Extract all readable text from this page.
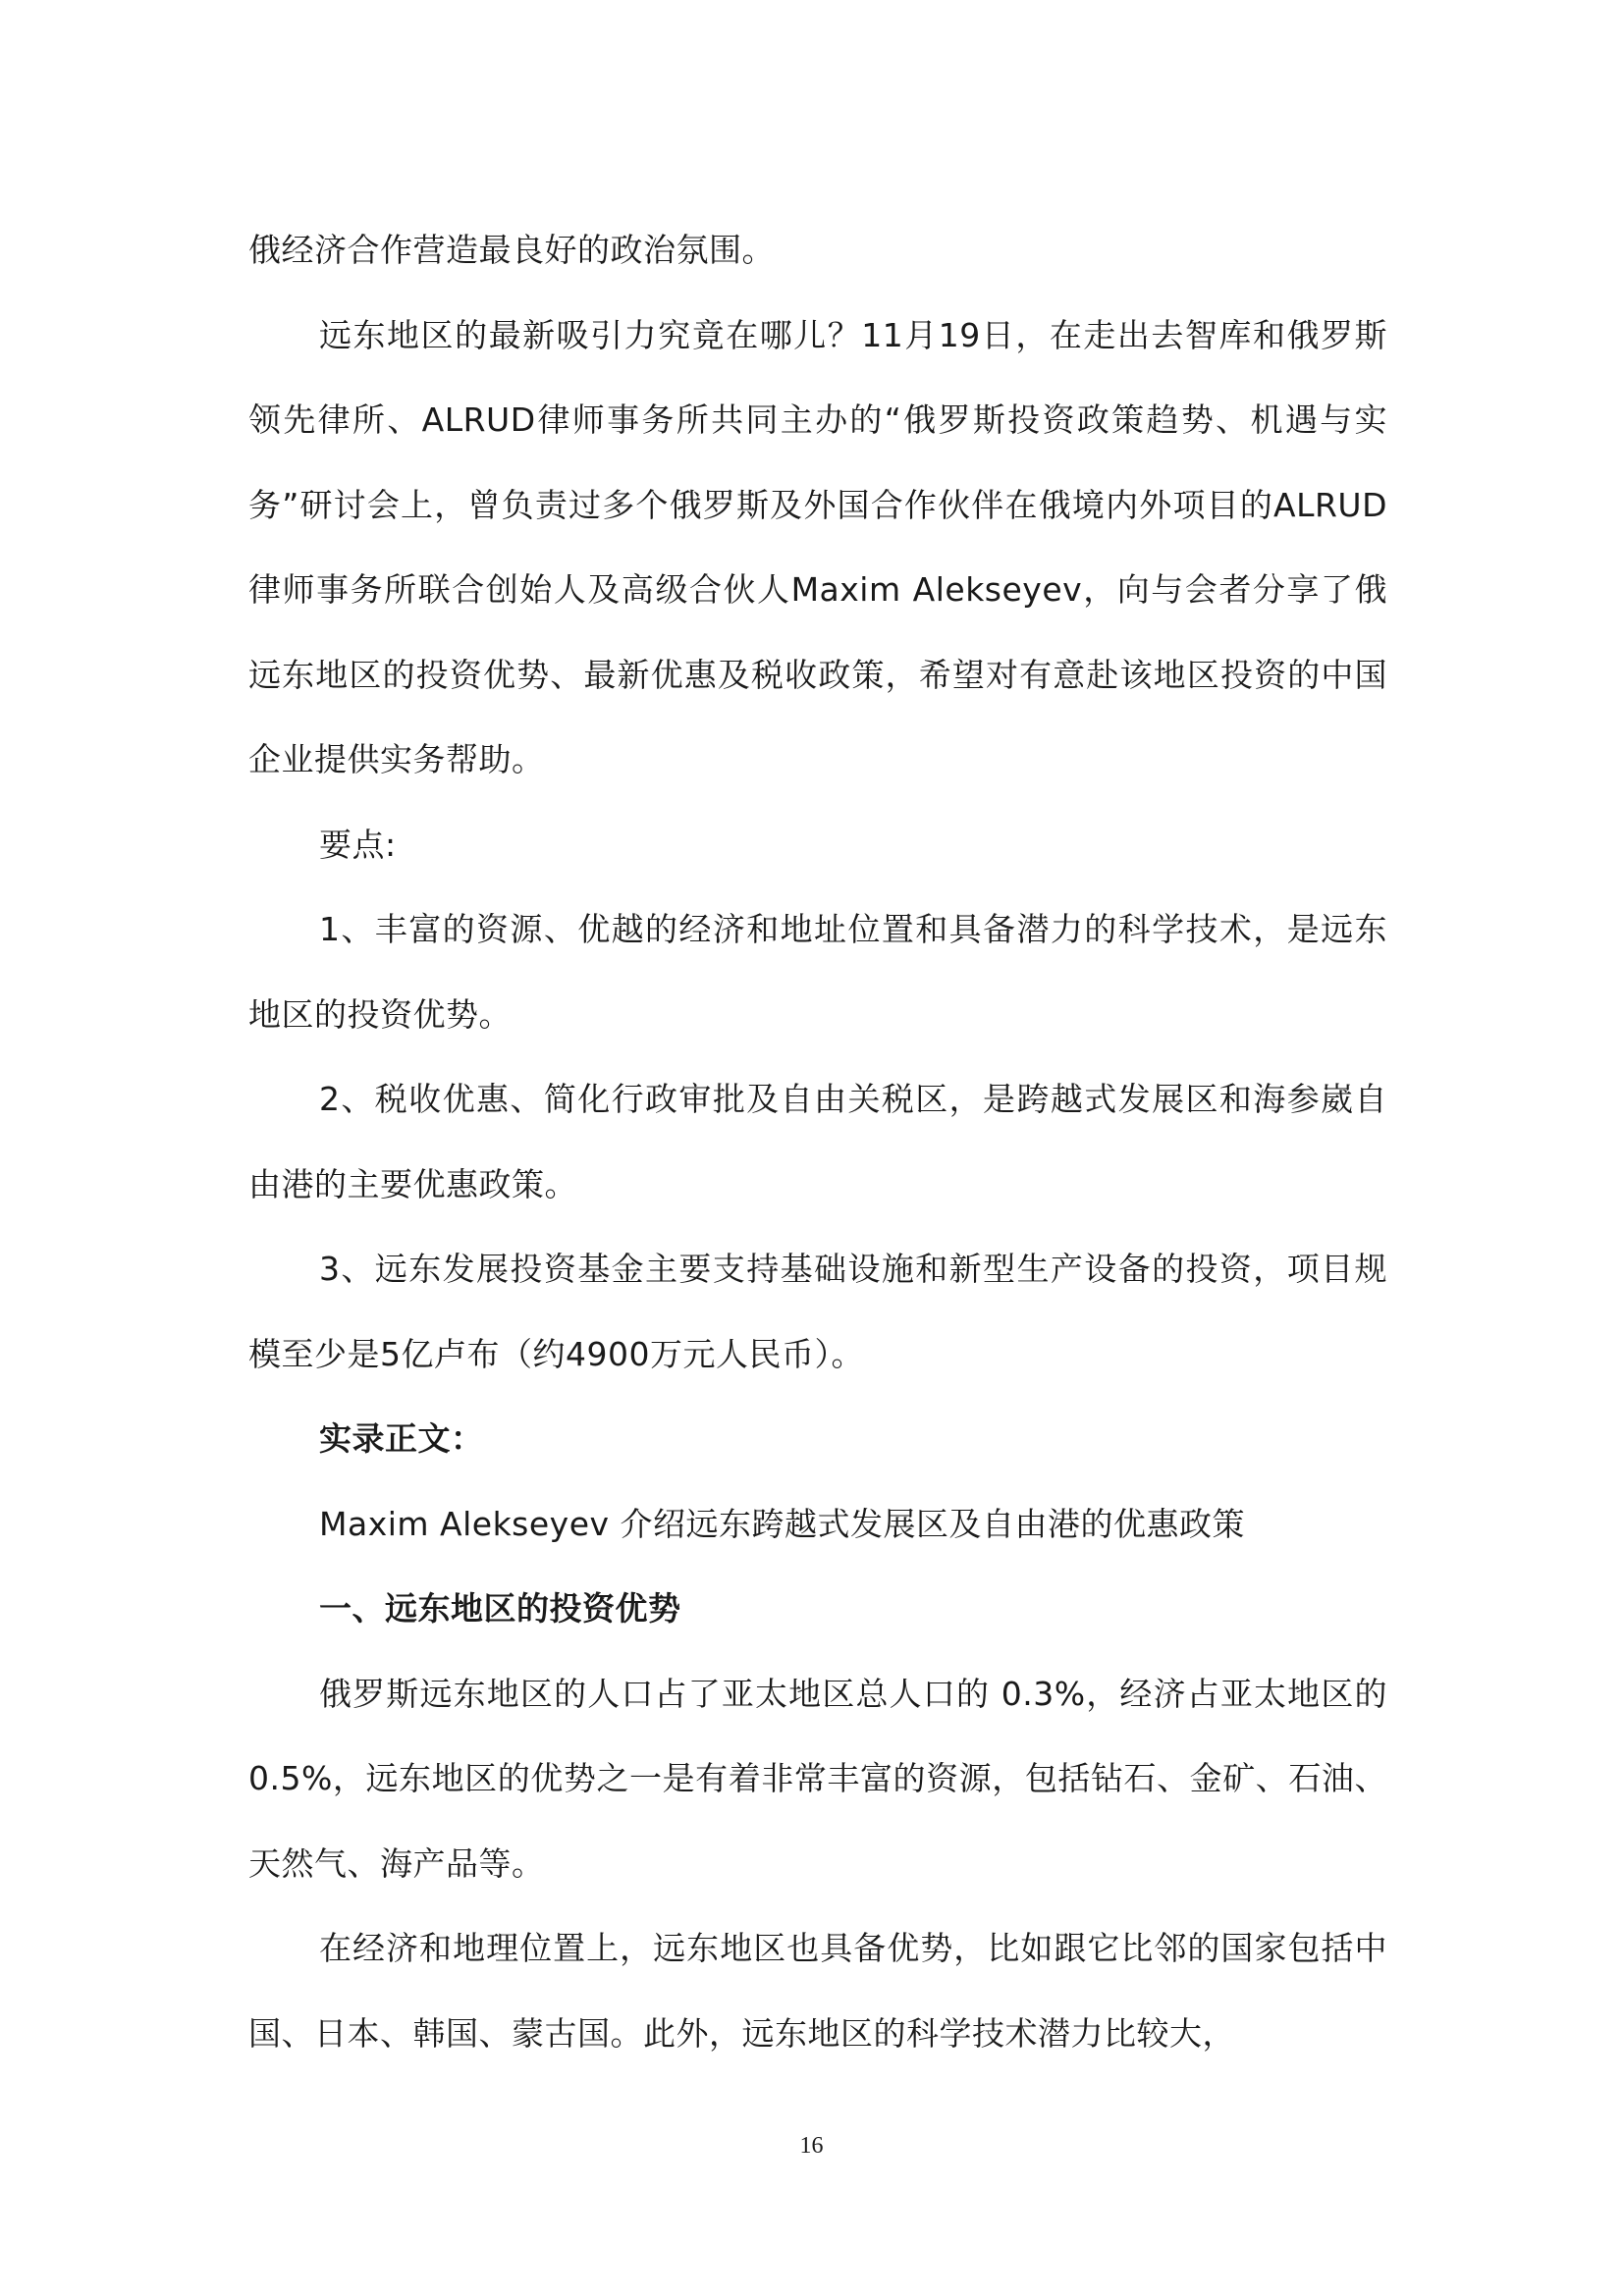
俄经济合作营造最良好的政治氛围。

远东地区的最新吸引力究竟在哪儿？11月19日，在走出去智库和俄罗斯领先律所、ALRUD律师事务所共同主办的“俄罗斯投资政策趋势、机遇与实务”研讨会上，曾负责过多个俄罗斯及外国合作伙伴在俄境内外项目的ALRUD律师事务所联合创始人及高级合伙人Maxim Alekseyev，向与会者分享了俄远东地区的投资优势、最新优惠及税收政策，希望对有意赴该地区投资的中国企业提供实务帮助。

要点:

1、丰富的资源、优越的经济和地址位置和具备潜力的科学技术，是远东地区的投资优势。

2、税收优惠、简化行政审批及自由关税区，是跨越式发展区和海参崴自由港的主要优惠政策。

3、远东发展投资基金主要支持基础设施和新型生产设备的投资，项目规模至少是5亿卢布（约4900万元人民币）。

实录正文：

Maxim Alekseyev 介绍远东跨越式发展区及自由港的优惠政策

一、远东地区的投资优势

俄罗斯远东地区的人口占了亚太地区总人口的 0.3%，经济占亚太地区的 0.5%，远东地区的优势之一是有着非常丰富的资源，包括钻石、金矿、石油、天然气、海产品等。

在经济和地理位置上，远东地区也具备优势，比如跟它比邻的国家包括中国、日本、韩国、蒙古国。此外，远东地区的科学技术潜力比较大，

16
